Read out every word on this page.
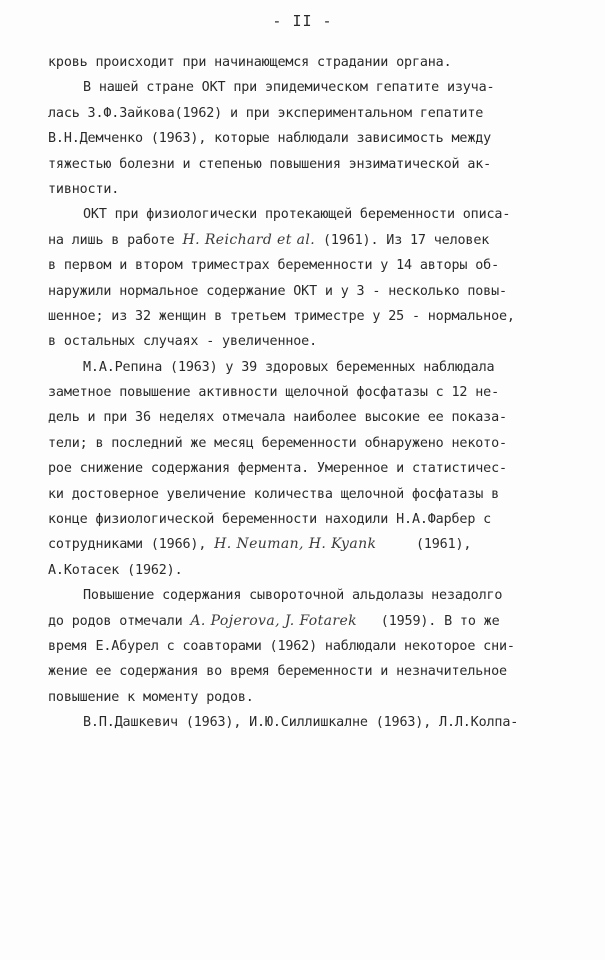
- II -
кровь происходит при начинающемся страдании органа.
В нашей стране ОКТ при эпидемическом гепатите изуча-
лась З.Ф.Зайкова(1962) и при экспериментальном гепатите
В.Н.Демченко (1963), которые наблюдали зависимость между
тяжестью болезни и степенью повышения энзиматической ак-
тивности.
ОКТ при физиологически протекающей беременности описа-
на лишь в работе H. Reichard et al. (1961). Из 17 человек
в первом и втором триместрах беременности у 14 авторы об-
наружили нормальное содержание ОКТ и у 3 - несколько повы-
шенное; из 32 женщин в третьем триместре у 25 - нормальное,
в остальных случаях - увеличенное.
М.А.Репина (1963) у 39 здоровых беременных наблюдала
заметное повышение активности щелочной фосфатазы с 12 не-
дель и при 36 неделях отмечала наиболее высокие ее показа-
тели; в последний же месяц беременности обнаружено некото-
рое снижение содержания фермента. Умеренное и статистичес-
ки достоверное увеличение количества щелочной фосфатазы в
конце физиологической беременности находили Н.А.Фарбер с
сотрудниками (1966), H. Neuman, H. Kyank     (1961),
А.Котасек (1962).
Повышение содержания сывороточной альдолазы незадолго
до родов отмечали A. Pojerova, J. Fotarek   (1959). В то же
время Е.Абурел с соавторами (1962) наблюдали некоторое сни-
жение ее содержания во время беременности и незначительное
повышение к моменту родов.
В.П.Дашкевич (1963), И.Ю.Силлишкалне (1963), Л.Л.Колпа-
